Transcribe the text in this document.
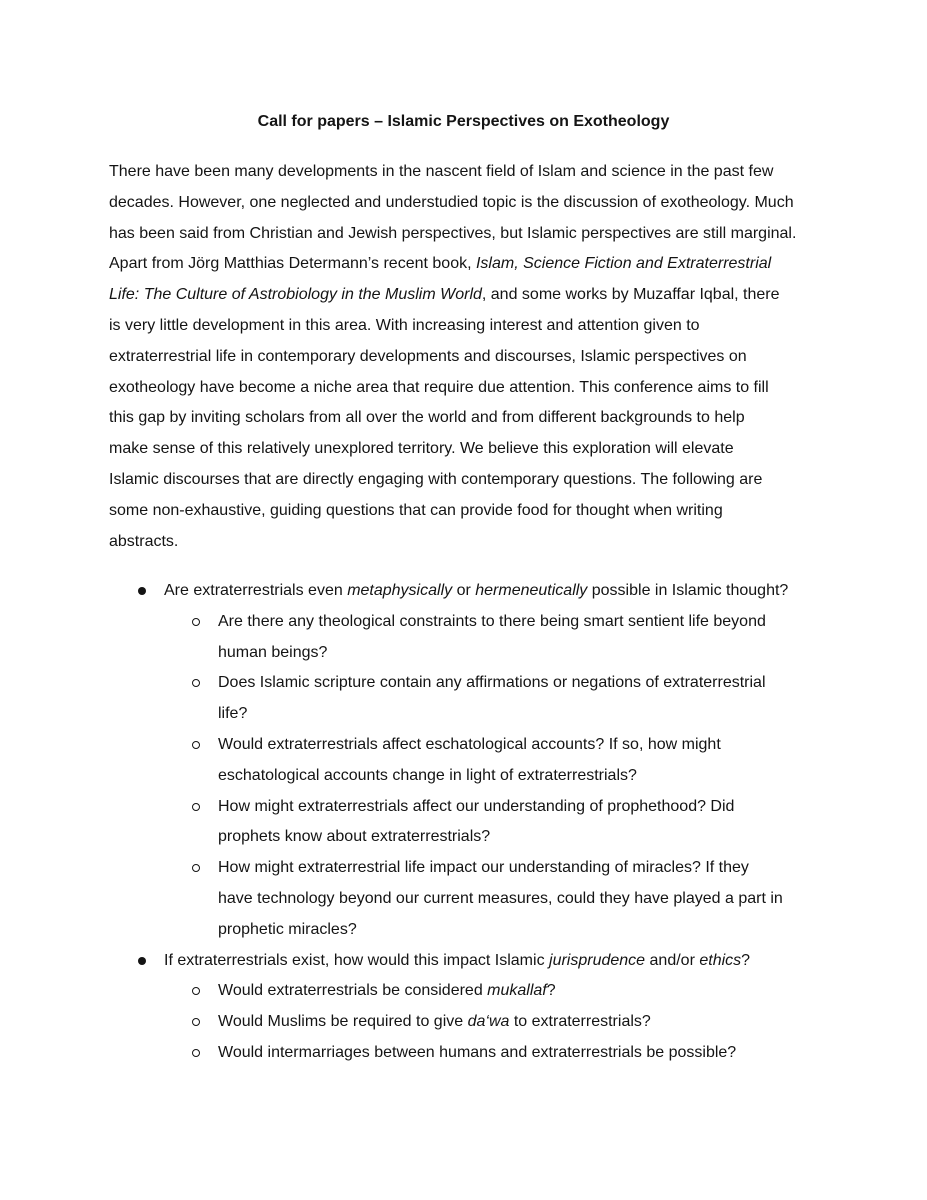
Call for papers – Islamic Perspectives on Exotheology

There have been many developments in the nascent field of Islam and science in the past few
decades. However, one neglected and understudied topic is the discussion of exotheology. Much
has been said from Christian and Jewish perspectives, but Islamic perspectives are still marginal.
Apart from Jörg Matthias Determann’s recent book, Islam, Science Fiction and Extraterrestrial
Life: The Culture of Astrobiology in the Muslim World, and some works by Muzaffar Iqbal, there
is very little development in this area. With increasing interest and attention given to
extraterrestrial life in contemporary developments and discourses, Islamic perspectives on
exotheology have become a niche area that require due attention. This conference aims to fill
this gap by inviting scholars from all over the world and from different backgrounds to help
make sense of this relatively unexplored territory. We believe this exploration will elevate
Islamic discourses that are directly engaging with contemporary questions. The following are
some non-exhaustive, guiding questions that can provide food for thought when writing
abstracts.

Are extraterrestrials even metaphysically or hermeneutically possible in Islamic thought?
Are there any theological constraints to there being smart sentient life beyond
human beings?
Does Islamic scripture contain any affirmations or negations of extraterrestrial
life?
Would extraterrestrials affect eschatological accounts? If so, how might
eschatological accounts change in light of extraterrestrials?
How might extraterrestrials affect our understanding of prophethood? Did
prophets know about extraterrestrials?
How might extraterrestrial life impact our understanding of miracles? If they
have technology beyond our current measures, could they have played a part in
prophetic miracles?
If extraterrestrials exist, how would this impact Islamic jurisprudence and/or ethics?
Would extraterrestrials be considered mukallaf?
Would Muslims be required to give da‘wa to extraterrestrials?
Would intermarriages between humans and extraterrestrials be possible?
